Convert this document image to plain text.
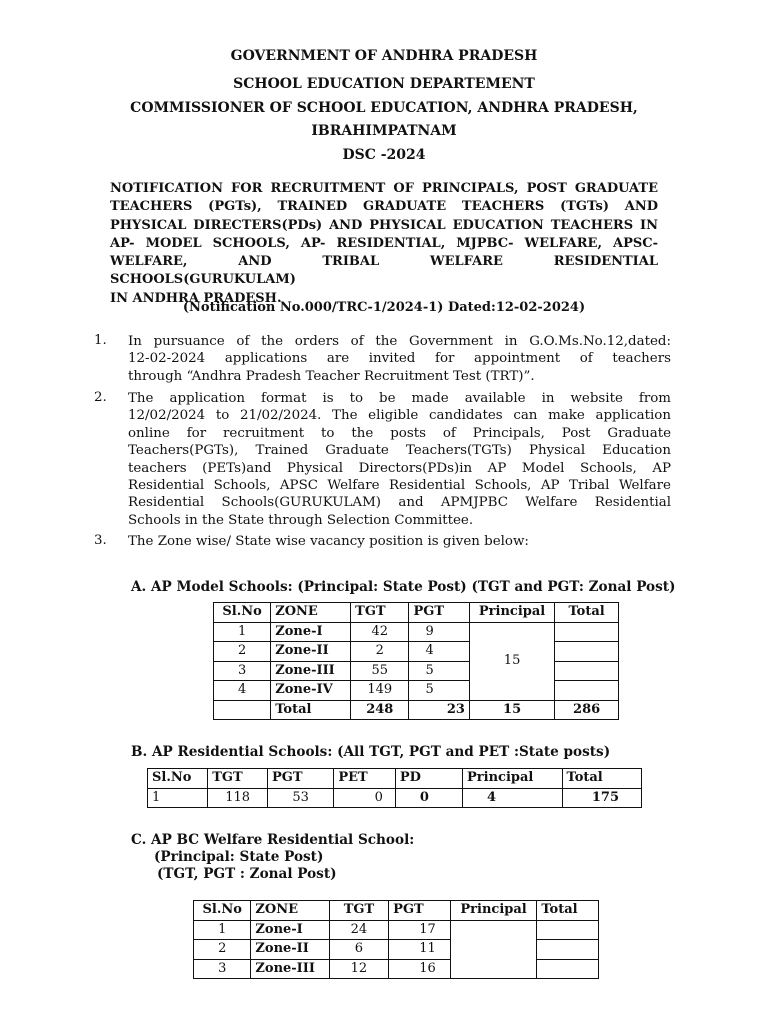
GOVERNMENT OF ANDHRA PRADESH
SCHOOL EDUCATION DEPARTEMENT
COMMISSIONER OF SCHOOL EDUCATION, ANDHRA PRADESH,
IBRAHIMPATNAM
DSC -2024
NOTIFICATION FOR RECRUITMENT OF PRINCIPALS, POST GRADUATE
TEACHERS (PGTs), TRAINED GRADUATE TEACHERS (TGTs) AND
PHYSICAL DIRECTERS(PDs) AND PHYSICAL EDUCATION TEACHERS IN
AP- MODEL SCHOOLS, AP- RESIDENTIAL, MJPBC- WELFARE, APSC-
WELFARE, AND TRIBAL WELFARE RESIDENTIAL SCHOOLS(GURUKULAM)
IN ANDHRA PRADESH.
(Notification No.000/TRC-1/2024-1) Dated:12-02-2024)
1. In pursuance of the orders of the Government in G.O.Ms.No.12,dated:
12-02-2024 applications are invited for appointment of teachers
through “Andhra Pradesh Teacher Recruitment Test (TRT)”.
2. The application format is to be made available in website from
12/02/2024 to 21/02/2024. The eligible candidates can make application
online for recruitment to the posts of Principals, Post Graduate
Teachers(PGTs), Trained Graduate Teachers(TGTs) Physical Education
teachers (PETs)and Physical Directors(PDs)in AP Model Schools, AP
Residential Schools, APSC Welfare Residential Schools, AP Tribal Welfare
Residential Schools(GURUKULAM) and APMJPBC Welfare Residential
Schools in the State through Selection Committee.
3. The Zone wise/ State wise vacancy position is given below:
A. AP Model Schools: (Principal: State Post) (TGT and PGT: Zonal Post)
Sl.No	ZONE	TGT	PGT	Principal	Total
1	Zone-I	42	9	15	
2	Zone-II	2	4		
3	Zone-III	55	5		
4	Zone-IV	149	5		
	Total	248	23	15	286
B. AP Residential Schools: (All TGT, PGT and PET :State posts)
Sl.No	TGT	PGT	PET	PD	Principal	Total
1	118	53	0	0	4	175
C. AP BC Welfare Residential School:
(Principal: State Post)
(TGT, PGT : Zonal Post)
Sl.No	ZONE	TGT	PGT	Principal	Total
1	Zone-I	24	17		
2	Zone-II	6	11		
3	Zone-III	12	16		
